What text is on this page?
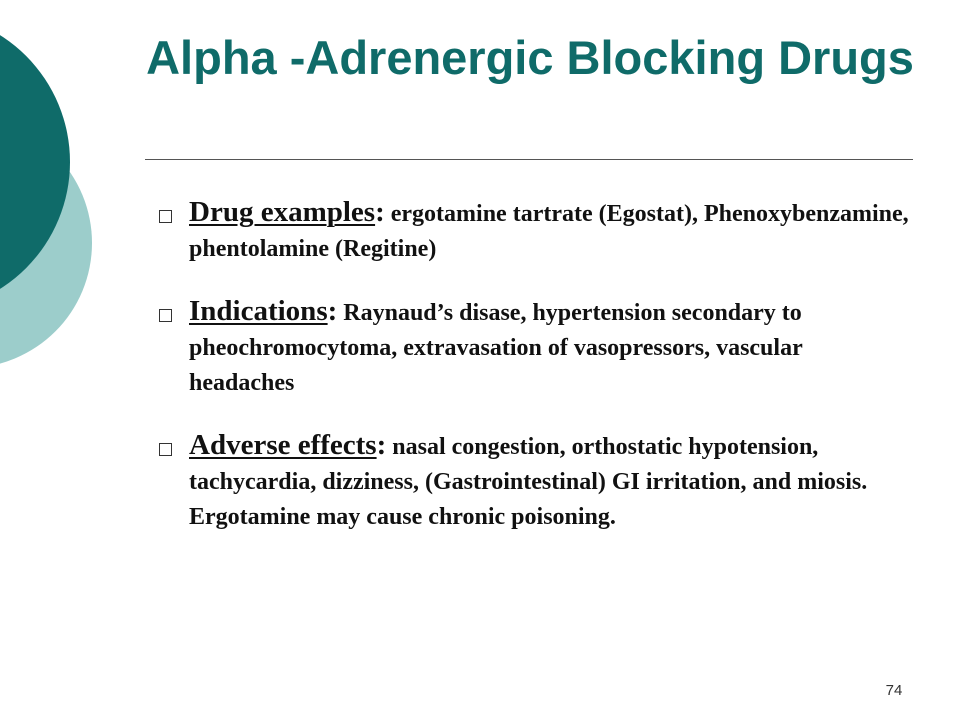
Alpha -Adrenergic Blocking Drugs
Drug examples: ergotamine tartrate (Egostat), Phenoxybenzamine, phentolamine (Regitine)
Indications: Raynaud’s disase, hypertension secondary to pheochromocytoma, extravasation of vasopressors, vascular headaches
Adverse effects: nasal congestion, orthostatic hypotension, tachycardia, dizziness, (Gastrointestinal) GI irritation, and miosis. Ergotamine may cause chronic poisoning.
74
